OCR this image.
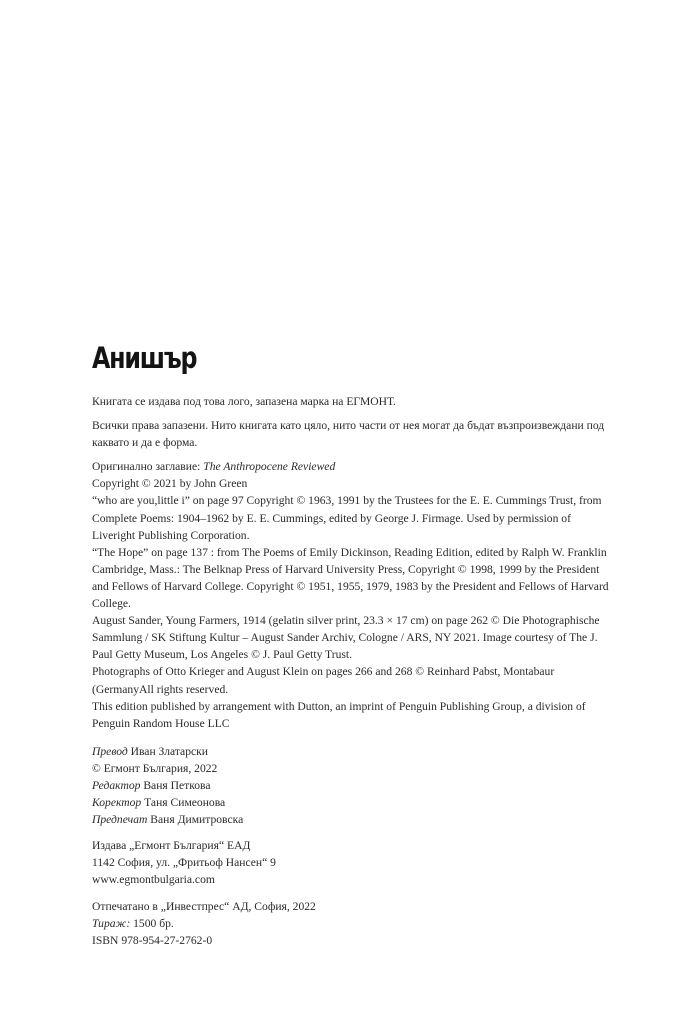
Анишър
Книгата се издава под това лого, запазена марка на ЕГМОНТ.
Всички права запазени. Нито книгата като цяло, нито части от нея могат да бъдат възпроизвеждани под каквато и да е форма.

Оригинално заглавие: The Anthropocene Reviewed

Copyright © 2021 by John Green

“who are you,little i” on page 97 Copyright © 1963, 1991 by the Trustees for the E. E. Cummings Trust, from Complete Poems: 1904–1962 by E. E. Cummings, edited by George J. Firmage. Used by permission of Liveright Publishing Corporation.

“The Hope” on page 137 : from The Poems of Emily Dickinson, Reading Edition, edited by Ralph W. Franklin Cambridge, Mass.: The Belknap Press of Harvard University Press, Copyright © 1998, 1999 by the President and Fellows of Harvard College. Copyright © 1951, 1955, 1979, 1983 by the President and Fellows of Harvard College.

August Sander, Young Farmers, 1914 (gelatin silver print, 23.3 × 17 cm) on page 262 © Die Photographische Sammlung / SK Stiftung Kultur – August Sander Archiv, Cologne / ARS, NY 2021. Image courtesy of The J. Paul Getty Museum, Los Angeles © J. Paul Getty Trust.

Photographs of Otto Krieger and August Klein on pages 266 and 268 © Reinhard Pabst, Montabaur (GermanyAll rights reserved.

This edition published by arrangement with Dutton, an imprint of Penguin Publishing Group, a division of Penguin Random House LLC

Превод Иван Златарски

© Егмонт България, 2022

Редактор Ваня Петкова

Коректор Таня Симеонова

Предпечат Ваня Димитровска

Издава „Егмонт България“ ЕАД

1142 София, ул. „Фритьоф Нансен“ 9

www.egmontbulgaria.com

Отпечатано в „Инвестпрес“ АД, София, 2022

Тираж: 1500 бр.

ISBN 978-954-27-2762-0
